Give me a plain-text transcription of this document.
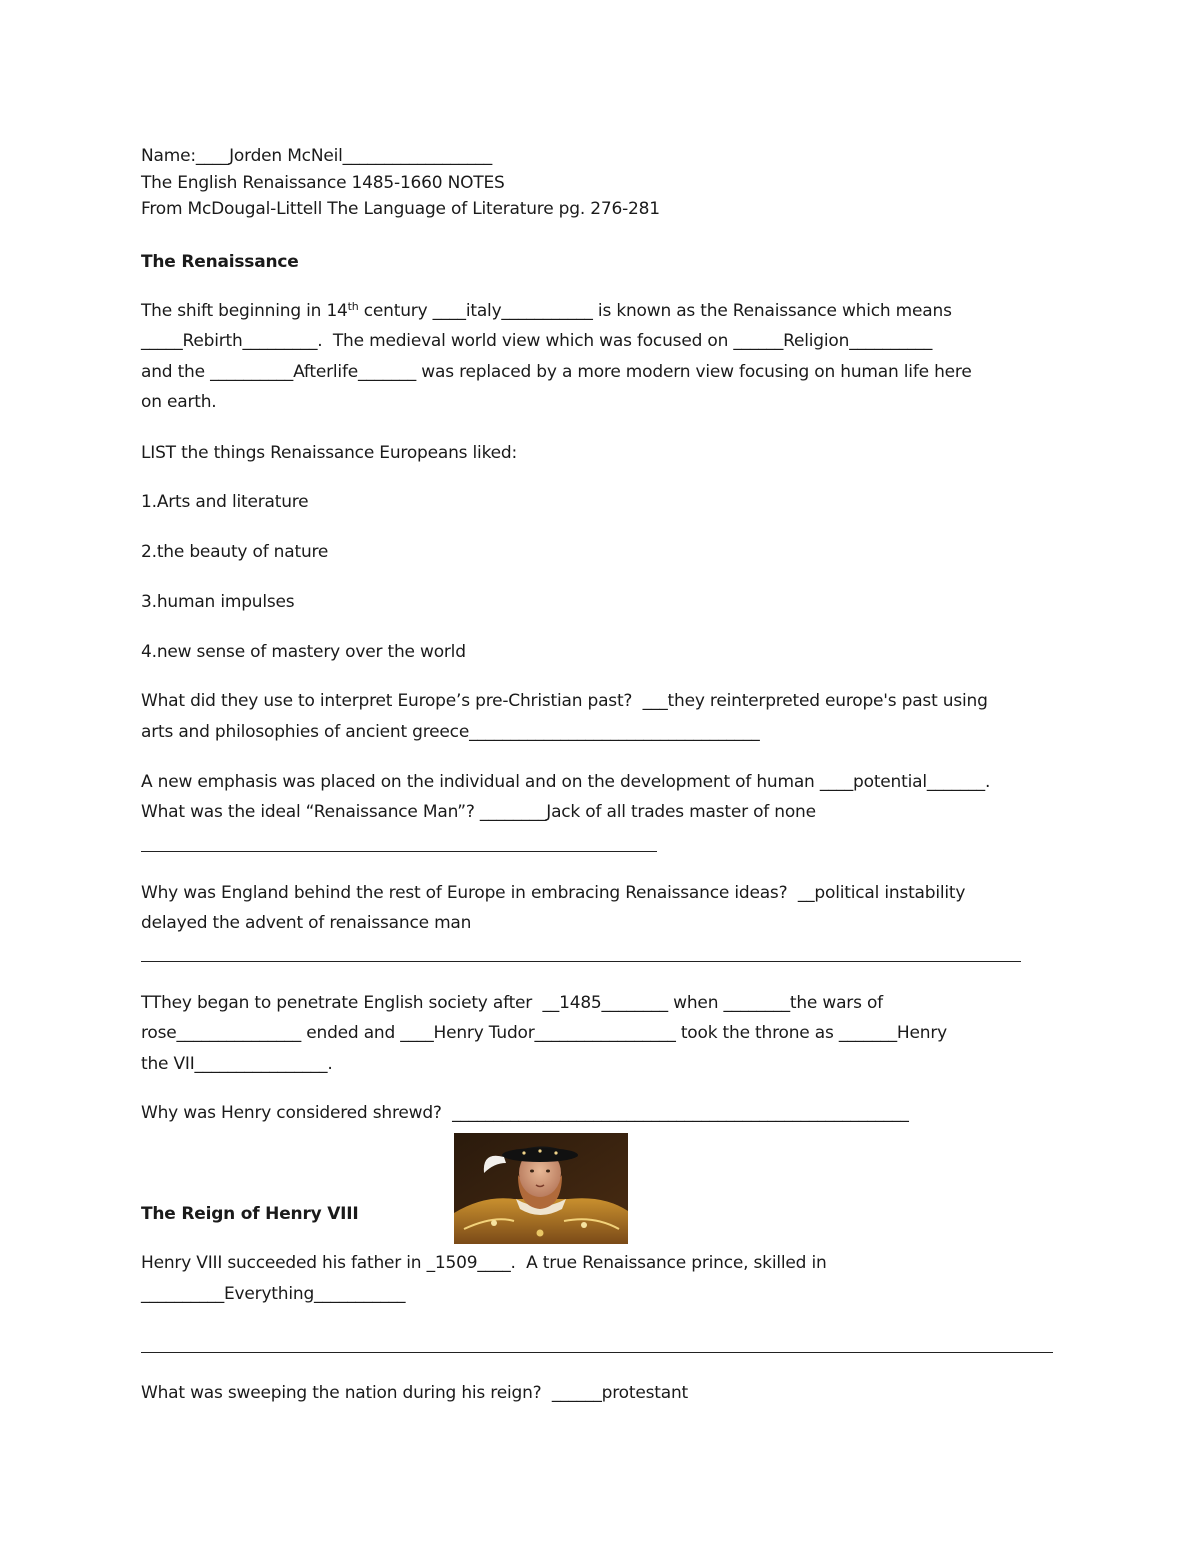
Name:____Jorden McNeil__________________
The English Renaissance 1485-1660 NOTES
From McDougal-Littell The Language of Literature pg. 276-281
The Renaissance
The shift beginning in 14th century ____italy___________ is known as the Renaissance which means
_____Rebirth_________.  The medieval world view which was focused on ______Religion__________
and the __________Afterlife_______ was replaced by a more modern view focusing on human life here
on earth.
LIST the things Renaissance Europeans liked:
1.Arts and literature
2.the beauty of nature
3.human impulses
4.new sense of mastery over the world
What did they use to interpret Europe’s pre-Christian past?  ___they reinterpreted europe's past using
arts and philosophies of ancient greece___________________________________
A new emphasis was placed on the individual and on the development of human ____potential_______.
What was the ideal “Renaissance Man”? ________Jack of all trades master of none
Why was England behind the rest of Europe in embracing Renaissance ideas?  __political instability
delayed the advent of renaissance man
TThey began to penetrate English society after  __1485________ when ________the wars of
rose_______________ ended and ____Henry Tudor_________________ took the throne as _______Henry
the VII________________.
Why was Henry considered shrewd?  _______________________________________________________
The Reign of Henry VIII
Henry VIII succeeded his father in _1509____.  A true Renaissance prince, skilled in
__________Everything___________
What was sweeping the nation during his reign?  ______protestant
